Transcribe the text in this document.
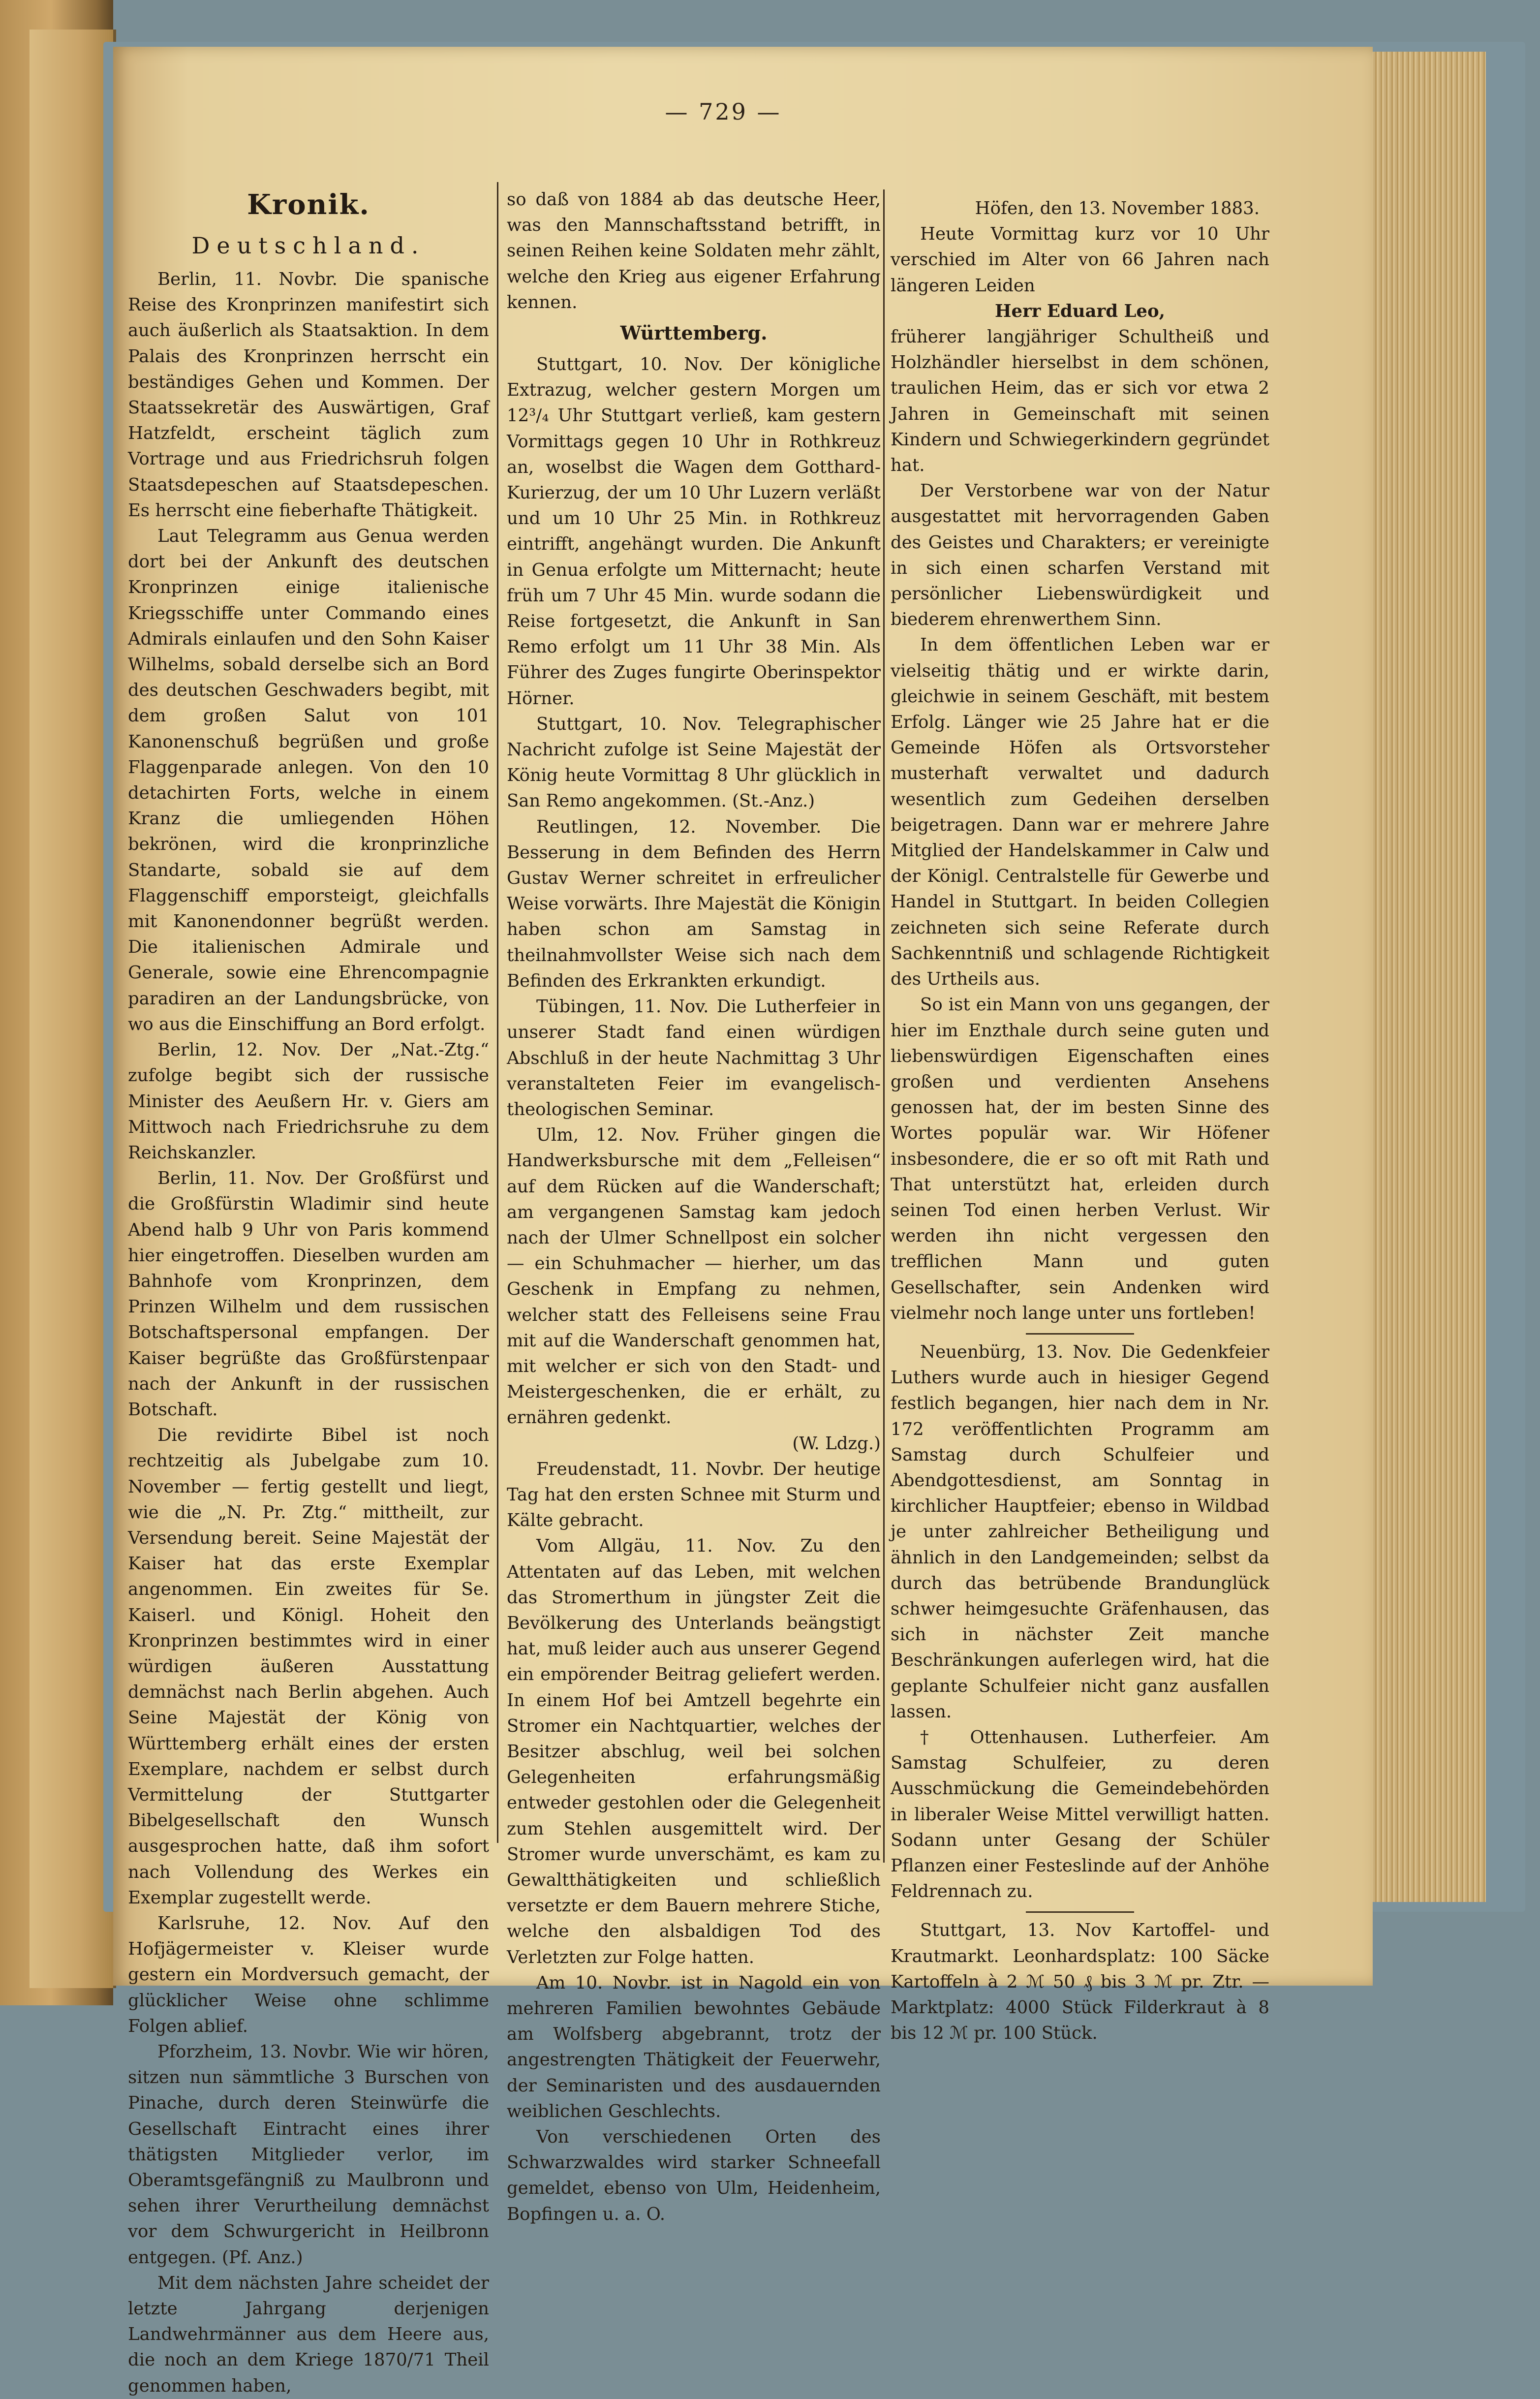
— 729 —

Kronik.

Deutschland.

Berlin, 11. Novbr. Die spanische Reise des Kronprinzen manifestirt sich auch äußerlich als Staatsaktion. In dem Palais des Kronprinzen herrscht ein beständiges Gehen und Kommen. Der Staatssekretär des Auswärtigen, Graf Hatzfeldt, erscheint täglich zum Vortrage und aus Friedrichsruh folgen Staatsdepeschen auf Staatsdepeschen. Es herrscht eine fieberhafte Thätigkeit.

Laut Telegramm aus Genua werden dort bei der Ankunft des deutschen Kronprinzen einige italienische Kriegsschiffe unter Commando eines Admirals einlaufen und den Sohn Kaiser Wilhelms, sobald derselbe sich an Bord des deutschen Geschwaders begibt, mit dem großen Salut von 101 Kanonenschuß begrüßen und große Flaggenparade anlegen. Von den 10 detachirten Forts, welche in einem Kranz die umliegenden Höhen bekrönen, wird die kronprinzliche Standarte, sobald sie auf dem Flaggenschiff emporsteigt, gleichfalls mit Kanonendonner begrüßt werden. Die italienischen Admirale und Generale, sowie eine Ehrencompagnie paradiren an der Landungsbrücke, von wo aus die Einschiffung an Bord erfolgt.

Berlin, 12. Nov. Der „Nat.-Ztg.“ zufolge begibt sich der russische Minister des Aeußern Hr. v. Giers am Mittwoch nach Friedrichsruhe zu dem Reichskanzler.

Berlin, 11. Nov. Der Großfürst und die Großfürstin Wladimir sind heute Abend halb 9 Uhr von Paris kommend hier eingetroffen. Dieselben wurden am Bahnhofe vom Kronprinzen, dem Prinzen Wilhelm und dem russischen Botschaftspersonal empfangen. Der Kaiser begrüßte das Großfürstenpaar nach der Ankunft in der russischen Botschaft.

Die revidirte Bibel ist noch rechtzeitig als Jubelgabe zum 10. November — fertig gestellt und liegt, wie die „N. Pr. Ztg.“ mittheilt, zur Versendung bereit. Seine Majestät der Kaiser hat das erste Exemplar angenommen. Ein zweites für Se. Kaiserl. und Königl. Hoheit den Kronprinzen bestimmtes wird in einer würdigen äußeren Ausstattung demnächst nach Berlin abgehen. Auch Seine Majestät der König von Württemberg erhält eines der ersten Exemplare, nachdem er selbst durch Vermittelung der Stuttgarter Bibelgesellschaft den Wunsch ausgesprochen hatte, daß ihm sofort nach Vollendung des Werkes ein Exemplar zugestellt werde.

Karlsruhe, 12. Nov. Auf den Hofjägermeister v. Kleiser wurde gestern ein Mordversuch gemacht, der glücklicher Weise ohne schlimme Folgen ablief.

Pforzheim, 13. Novbr. Wie wir hören, sitzen nun sämmtliche 3 Burschen von Pinache, durch deren Steinwürfe die Gesellschaft Eintracht eines ihrer thätigsten Mitglieder verlor, im Oberamtsgefängniß zu Maulbronn und sehen ihrer Verurtheilung demnächst vor dem Schwurgericht in Heilbronn entgegen. (Pf. Anz.)

Mit dem nächsten Jahre scheidet der letzte Jahrgang derjenigen Landwehrmänner aus dem Heere aus, die noch an dem Kriege 1870/71 Theil genommen haben,

so daß von 1884 ab das deutsche Heer, was den Mannschaftsstand betrifft, in seinen Reihen keine Soldaten mehr zählt, welche den Krieg aus eigener Erfahrung kennen.

Württemberg.

Stuttgart, 10. Nov. Der königliche Extrazug, welcher gestern Morgen um 12³/₄ Uhr Stuttgart verließ, kam gestern Vormittags gegen 10 Uhr in Rothkreuz an, woselbst die Wagen dem Gotthard-Kurierzug, der um 10 Uhr Luzern verläßt und um 10 Uhr 25 Min. in Rothkreuz eintrifft, angehängt wurden. Die Ankunft in Genua erfolgte um Mitternacht; heute früh um 7 Uhr 45 Min. wurde sodann die Reise fortgesetzt, die Ankunft in San Remo erfolgt um 11 Uhr 38 Min. Als Führer des Zuges fungirte Oberinspektor Hörner.

Stuttgart, 10. Nov. Telegraphischer Nachricht zufolge ist Seine Majestät der König heute Vormittag 8 Uhr glücklich in San Remo angekommen. (St.-Anz.)

Reutlingen, 12. November. Die Besserung in dem Befinden des Herrn Gustav Werner schreitet in erfreulicher Weise vorwärts. Ihre Majestät die Königin haben schon am Samstag in theilnahmvollster Weise sich nach dem Befinden des Erkrankten erkundigt.

Tübingen, 11. Nov. Die Lutherfeier in unserer Stadt fand einen würdigen Abschluß in der heute Nachmittag 3 Uhr veranstalteten Feier im evangelisch-theologischen Seminar.

Ulm, 12. Nov. Früher gingen die Handwerksbursche mit dem „Felleisen“ auf dem Rücken auf die Wanderschaft; am vergangenen Samstag kam jedoch nach der Ulmer Schnellpost ein solcher — ein Schuhmacher — hierher, um das Geschenk in Empfang zu nehmen, welcher statt des Felleisens seine Frau mit auf die Wanderschaft genommen hat, mit welcher er sich von den Stadt- und Meistergeschenken, die er erhält, zu ernähren gedenkt.

(W. Ldzg.)

Freudenstadt, 11. Novbr. Der heutige Tag hat den ersten Schnee mit Sturm und Kälte gebracht.

Vom Allgäu, 11. Nov. Zu den Attentaten auf das Leben, mit welchen das Stromerthum in jüngster Zeit die Bevölkerung des Unterlands beängstigt hat, muß leider auch aus unserer Gegend ein empörender Beitrag geliefert werden. In einem Hof bei Amtzell begehrte ein Stromer ein Nachtquartier, welches der Besitzer abschlug, weil bei solchen Gelegenheiten erfahrungsmäßig entweder gestohlen oder die Gelegenheit zum Stehlen ausgemittelt wird. Der Stromer wurde unverschämt, es kam zu Gewaltthätigkeiten und schließlich versetzte er dem Bauern mehrere Stiche, welche den alsbaldigen Tod des Verletzten zur Folge hatten.

Am 10. Novbr. ist in Nagold ein von mehreren Familien bewohntes Gebäude am Wolfsberg abgebrannt, trotz der angestrengten Thätigkeit der Feuerwehr, der Seminaristen und des ausdauernden weiblichen Geschlechts.

Von verschiedenen Orten des Schwarzwaldes wird starker Schneefall gemeldet, ebenso von Ulm, Heidenheim, Bopfingen u. a. O.

Höfen, den 13. November 1883.

Heute Vormittag kurz vor 10 Uhr verschied im Alter von 66 Jahren nach längeren Leiden

Herr Eduard Leo,

früherer langjähriger Schultheiß und Holzhändler hierselbst in dem schönen, traulichen Heim, das er sich vor etwa 2 Jahren in Gemeinschaft mit seinen Kindern und Schwiegerkindern gegründet hat.

Der Verstorbene war von der Natur ausgestattet mit hervorragenden Gaben des Geistes und Charakters; er vereinigte in sich einen scharfen Verstand mit persönlicher Liebenswürdigkeit und biederem ehrenwerthem Sinn.

In dem öffentlichen Leben war er vielseitig thätig und er wirkte darin, gleichwie in seinem Geschäft, mit bestem Erfolg. Länger wie 25 Jahre hat er die Gemeinde Höfen als Ortsvorsteher musterhaft verwaltet und dadurch wesentlich zum Gedeihen derselben beigetragen. Dann war er mehrere Jahre Mitglied der Handelskammer in Calw und der Königl. Centralstelle für Gewerbe und Handel in Stuttgart. In beiden Collegien zeichneten sich seine Referate durch Sachkenntniß und schlagende Richtigkeit des Urtheils aus.

So ist ein Mann von uns gegangen, der hier im Enzthale durch seine guten und liebenswürdigen Eigenschaften eines großen und verdienten Ansehens genossen hat, der im besten Sinne des Wortes populär war. Wir Höfener insbesondere, die er so oft mit Rath und That unterstützt hat, erleiden durch seinen Tod einen herben Verlust. Wir werden ihn nicht vergessen den trefflichen Mann und guten Gesellschafter, sein Andenken wird vielmehr noch lange unter uns fortleben!

Neuenbürg, 13. Nov. Die Gedenkfeier Luthers wurde auch in hiesiger Gegend festlich begangen, hier nach dem in Nr. 172 veröffentlichten Programm am Samstag durch Schulfeier und Abendgottesdienst, am Sonntag in kirchlicher Hauptfeier; ebenso in Wildbad je unter zahlreicher Betheiligung und ähnlich in den Landgemeinden; selbst da durch das betrübende Brandunglück schwer heimgesuchte Gräfenhausen, das sich in nächster Zeit manche Beschränkungen auferlegen wird, hat die geplante Schulfeier nicht ganz ausfallen lassen.

† Ottenhausen. Lutherfeier. Am Samstag Schulfeier, zu deren Ausschmückung die Gemeindebehörden in liberaler Weise Mittel verwilligt hatten. Sodann unter Gesang der Schüler Pflanzen einer Festeslinde auf der Anhöhe Feldrennach zu.

Stuttgart, 13. Nov Kartoffel- und Krautmarkt. Leonhardsplatz: 100 Säcke Kartoffeln à 2 ℳ 50 ₰ bis 3 ℳ pr. Ztr. — Marktplatz: 4000 Stück Filderkraut à 8 bis 12 ℳ pr. 100 Stück.
